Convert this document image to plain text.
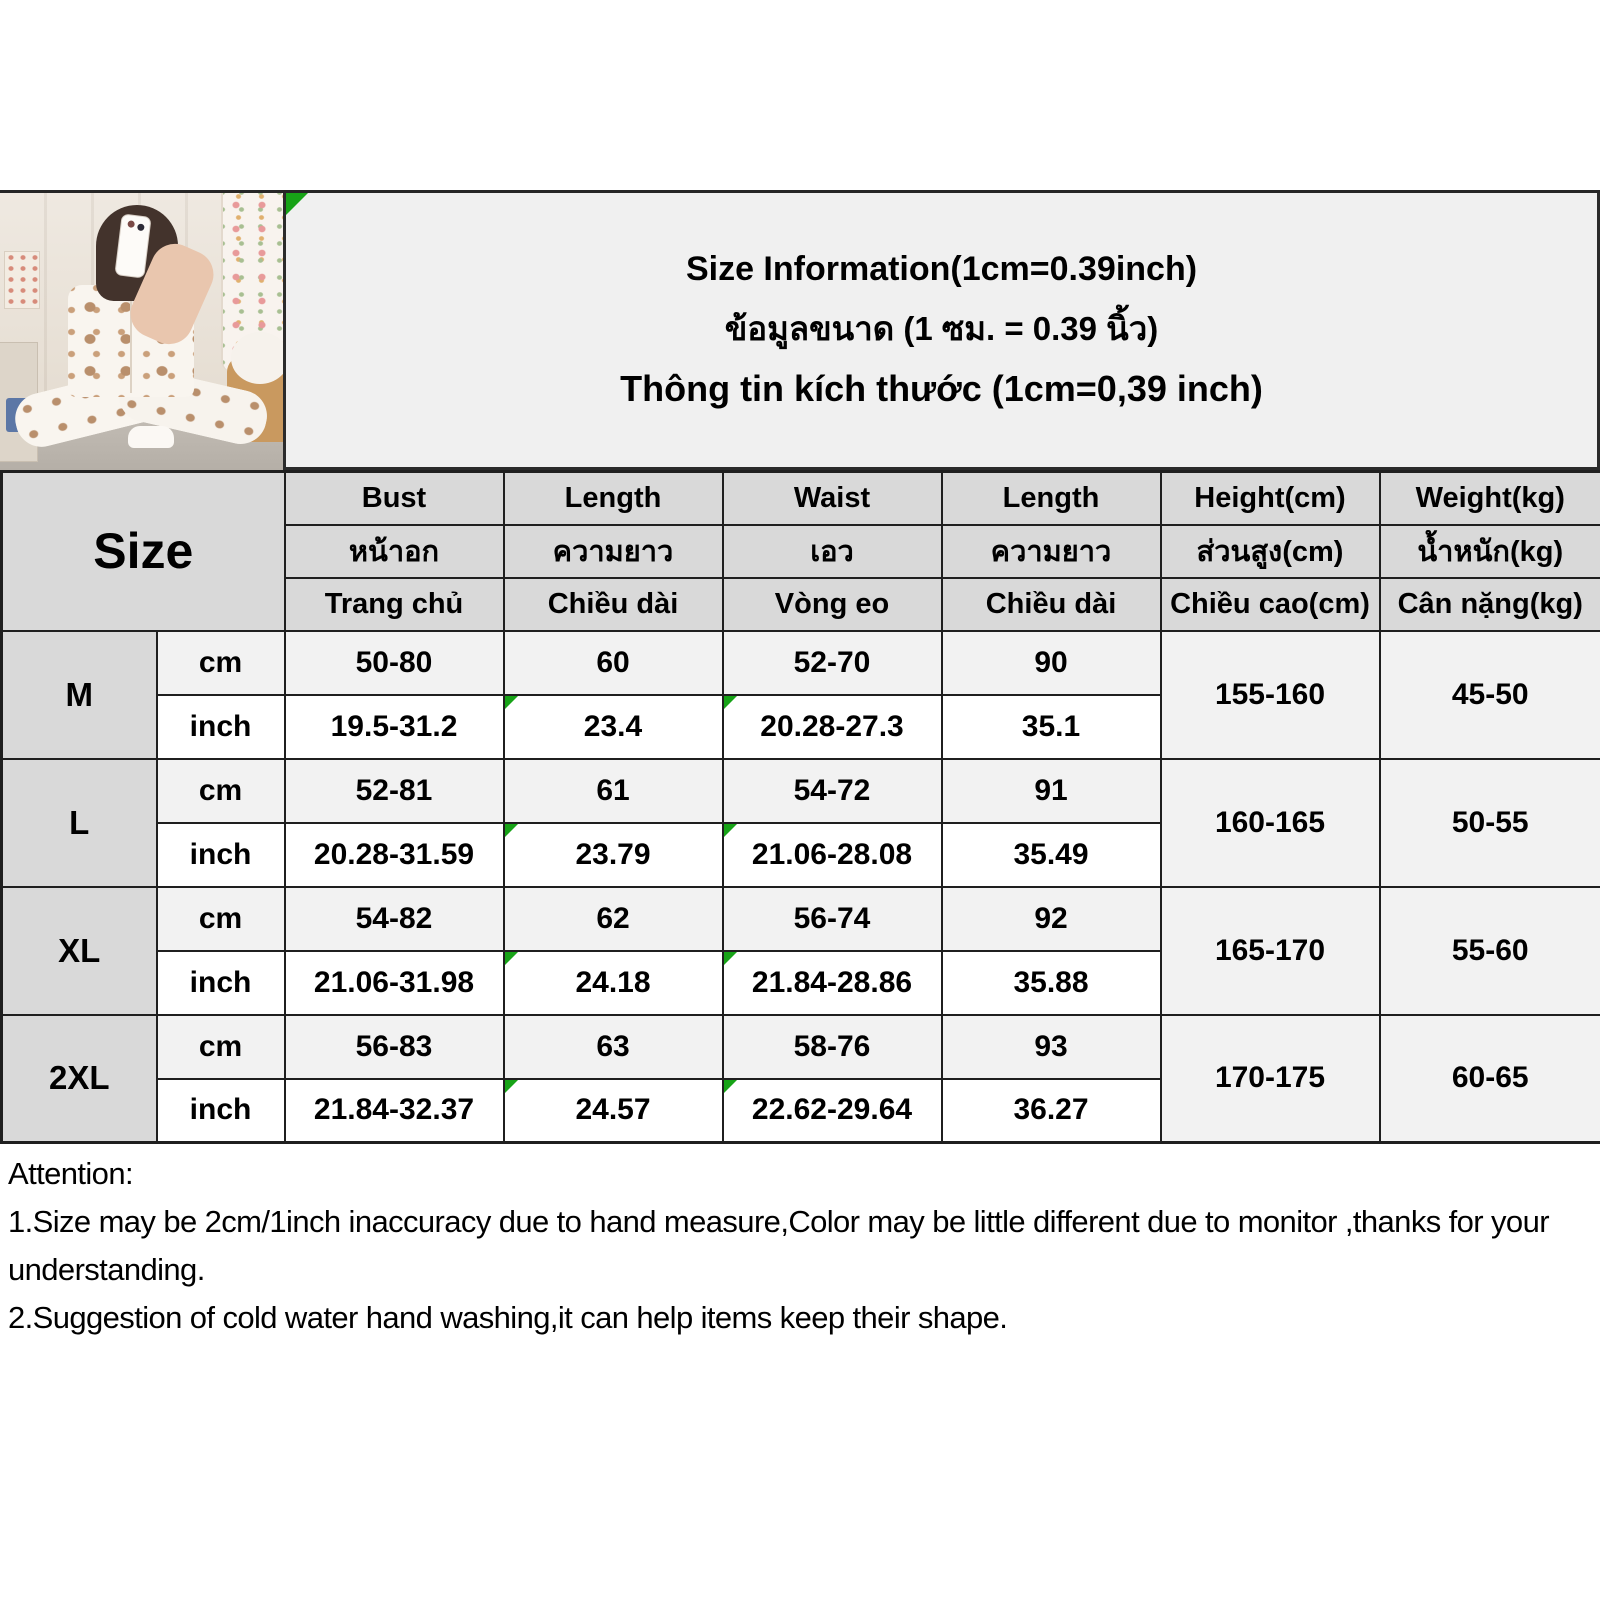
Size Information(1cm=0.39inch)
ข้อมูลขนาด (1 ซม. = 0.39 นิ้ว)
Thông tin kích thước (1cm=0,39 inch)
Size		Bust	Length	Waist	Length	Height(cm)	Weight(kg)
		หน้าอก	ความยาว	เอว	ความยาว	ส่วนสูง(cm)	น้ำหนัก(kg)
		Trang chủ	Chiều dài	Vòng eo	Chiều dài	Chiều cao(cm)	Cân nặng(kg)
M	cm	50-80	60	52-70	90	155-160	45-50
	inch	19.5-31.2	23.4	20.28-27.3	35.1		
L	cm	52-81	61	54-72	91	160-165	50-55
	inch	20.28-31.59	23.79	21.06-28.08	35.49		
XL	cm	54-82	62	56-74	92	165-170	55-60
	inch	21.06-31.98	24.18	21.84-28.86	35.88		
2XL	cm	56-83	63	58-76	93	170-175	60-65
	inch	21.84-32.37	24.57	22.62-29.64	36.27		
Attention:
1.Size may be 2cm/1inch inaccuracy due to hand measure,Color may be little different due to monitor ,thanks for your understanding.
2.Suggestion of cold water hand washing,it can help items keep their shape.
